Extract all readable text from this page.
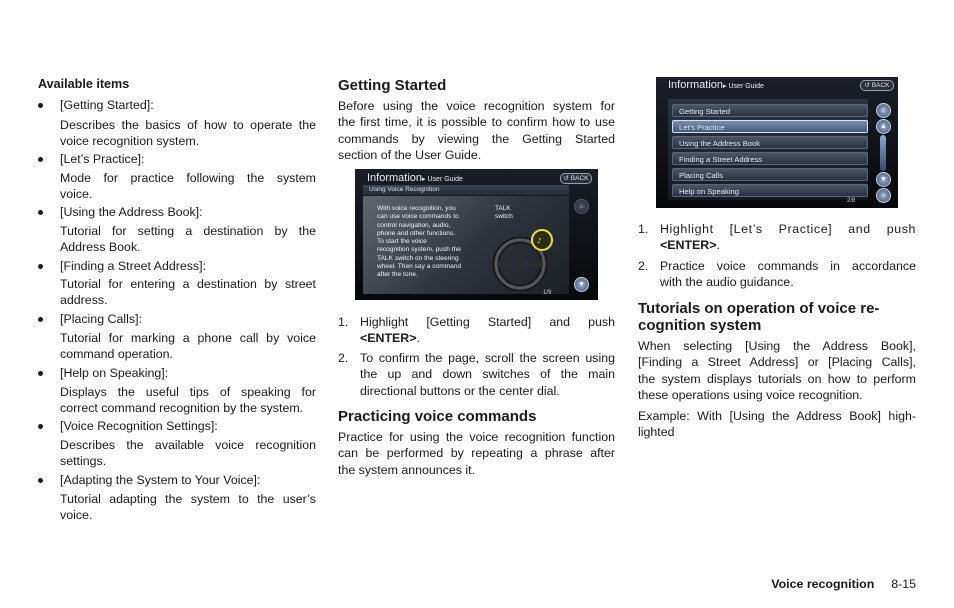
Available items
[Getting Started]:
Describes the basics of how to operate the
voice recognition system.
[Let’s Practice]:
Mode for practice following the system
voice.
[Using the Address Book]:
Tutorial for setting a destination by the
Address Book.
[Finding a Street Address]:
Tutorial for entering a destination by street
address.
[Placing Calls]:
Tutorial for marking a phone call by voice
command operation.
[Help on Speaking]:
Displays the useful tips of speaking for
correct command recognition by the system.
[Voice Recognition Settings]:
Describes the available voice recognition
settings.
[Adapting the System to Your Voice]:
Tutorial adapting the system to the user’s
voice.
Getting Started
Before using the voice recognition system for
the first time, it is possible to confirm how to use
commands by viewing the Getting Started
section of the User Guide.
Information▸ User Guide	↺ BACK
Using Voice Recognition
With voice recognition, you
can use voice commands to
control navigation, audio,
phone and other functions.
To start the voice
recognition system, push the
TALK switch on the steering
wheel. Then say a command
after the tone.
TALK
switch
♪
▲
▼
1/9
1. Highlight [Getting Started] and push
<ENTER>.
2. To confirm the page, scroll the screen using
the up and down switches of the main
directional buttons or the center dial.
Practicing voice commands
Practice for using the voice recognition function
can be performed by repeating a phrase after
the system announces it.
Information▸ User Guide	↺ BACK
Getting Started
Let’s Practice
Using the Address Book
Finding a Street Address
Placing Calls
Help on Speaking
♪
▲
▼
♪
2/8
1. Highlight [Let’s Practice] and push
<ENTER>.
2. Practice voice commands in accordance
with the audio guidance.
Tutorials on operation of voice re-
cognition system
When selecting [Using the Address Book],
[Finding a Street Address] or [Placing Calls],
the system displays tutorials on how to perform
these operations using voice recognition.
Example: With [Using the Address Book] high-
lighted
Voice recognition 8-15
